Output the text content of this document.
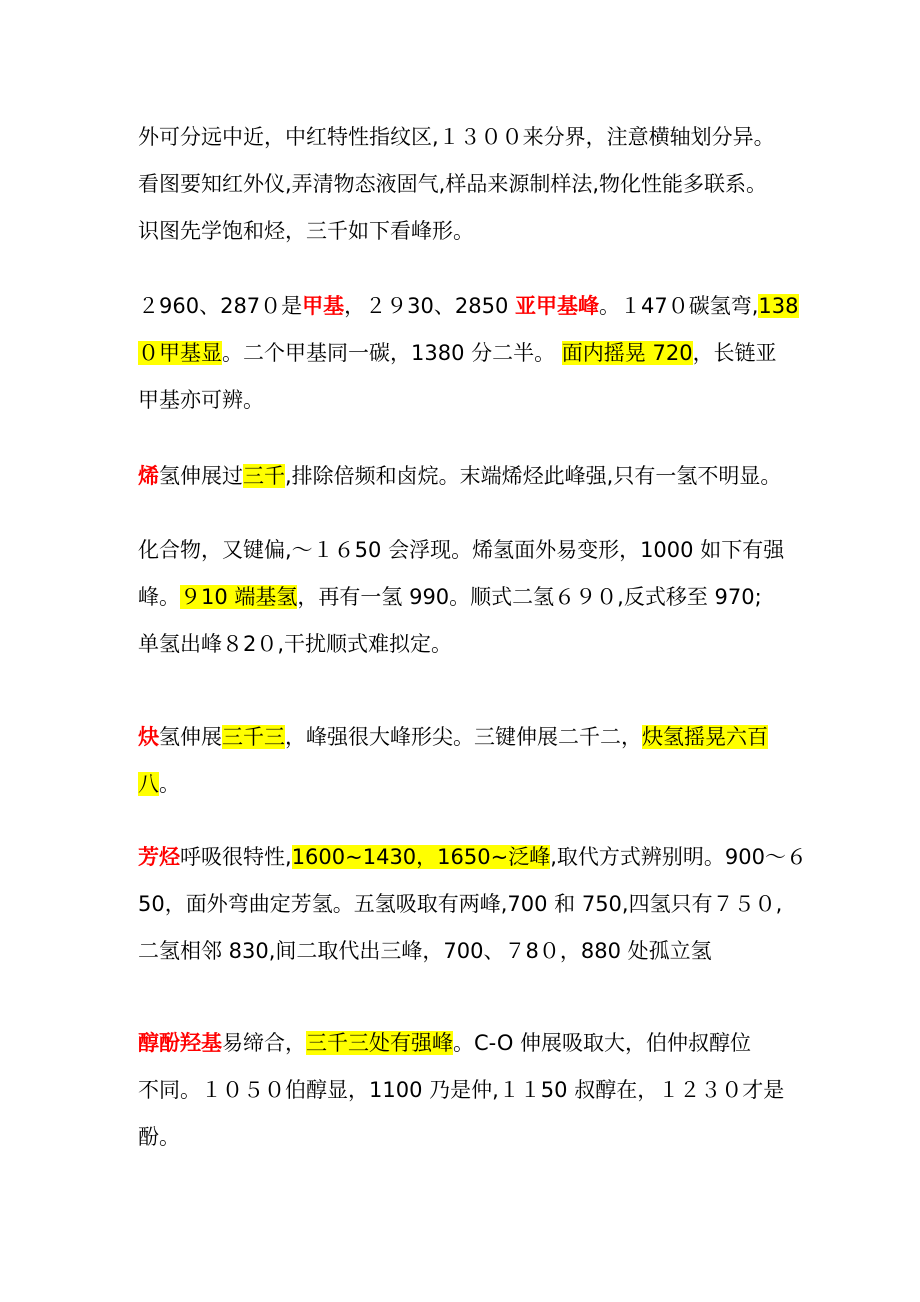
外可分远中近，中红特性指纹区,１３００来分界，注意横轴划分异。
看图要知红外仪,弄清物态液固气,样品来源制样法,物化性能多联系。
识图先学饱和烃，三千如下看峰形。
２960、287０是甲基，２９30、2850 亚甲基峰。１47０碳氢弯,138
０甲基显。二个甲基同一碳，1380 分二半。 面内摇晃 720，长链亚
甲基亦可辨。
烯氢伸展过三千,排除倍频和卤烷。末端烯烃此峰强,只有一氢不明显。
化合物，又键偏,～１６50 会浮现。烯氢面外易变形，1000 如下有强
峰。９10 端基氢，再有一氢 990。顺式二氢６９０,反式移至 970;
单氢出峰８2０,干扰顺式难拟定。
炔氢伸展三千三，峰强很大峰形尖。三键伸展二千二，炔氢摇晃六百
八。
芳烃呼吸很特性,1600~1430，1650~泛峰,取代方式辨别明。900～６
50，面外弯曲定芳氢。五氢吸取有两峰,700 和 750,四氢只有７５０,
二氢相邻 830,间二取代出三峰，700、７8０，880 处孤立氢
醇酚羟基易缔合，三千三处有强峰。C-O 伸展吸取大，伯仲叔醇位
不同。１０５０伯醇显，1100 乃是仲,１１50 叔醇在，１２３０才是
酚。
